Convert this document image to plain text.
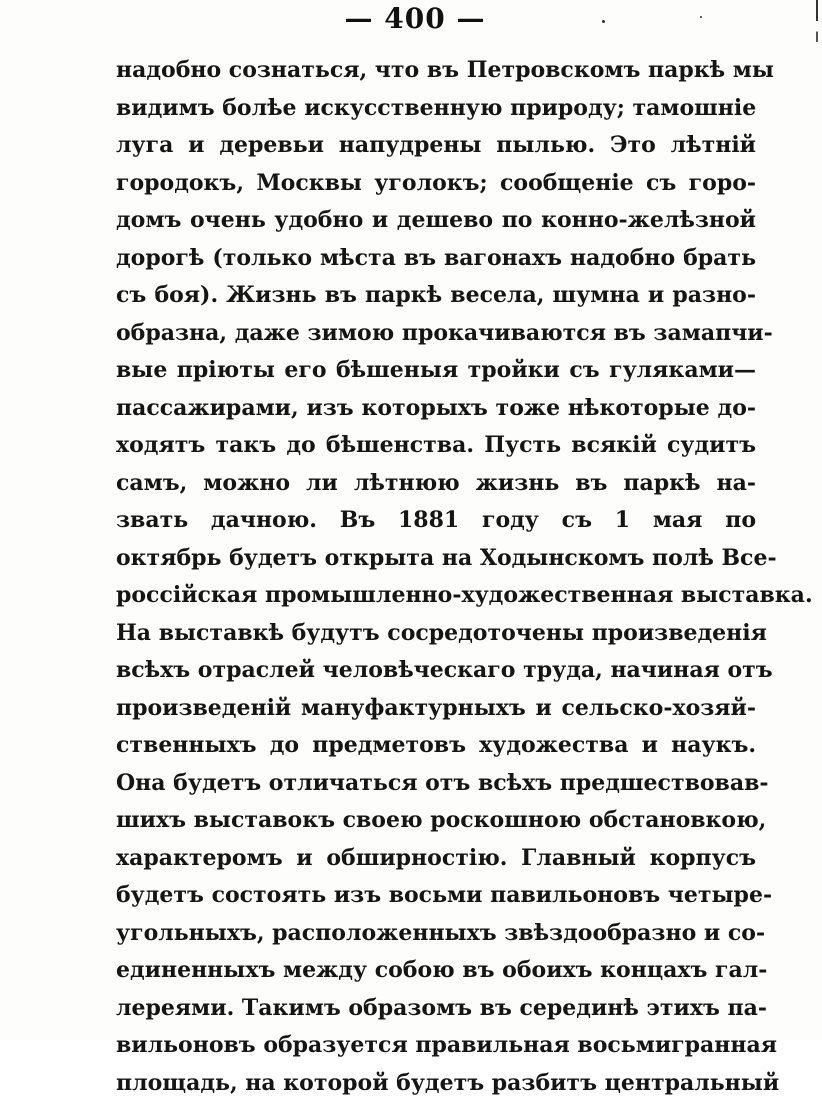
— 400 —
надобно сознаться, что въ Петровскомъ паркѣ мы
видимъ болѣе искусственную природу; тамошніе
луга и деревьи напудрены пылью. Это лѣтній
городокъ, Москвы уголокъ; сообщеніе съ горо-
домъ очень удобно и дешево по конно-желѣзной
дорогѣ (только мѣста въ вагонахъ надобно брать
съ боя). Жизнь въ паркѣ весела, шумна и разно-
образна, даже зимою прокачиваются въ замапчи-
вые пріюты его бѣшеныя тройки съ гуляками—
пассажирами, изъ которыхъ тоже нѣкоторые до-
ходятъ такъ до бѣшенства. Пусть всякій судитъ
самъ, можно ли лѣтнюю жизнь въ паркѣ на-
звать дачною. Въ 1881 году съ 1 мая по
октябрь будетъ открыта на Ходынскомъ полѣ Все-
россійская промышленно-художественная выставка.
На выставкѣ будутъ сосредоточены произведенія
всѣхъ отраслей человѣческаго труда, начиная отъ
произведеній мануфактурныхъ и сельско-хозяй-
ственныхъ до предметовъ художества и наукъ.
Она будетъ отличаться отъ всѣхъ предшествовав-
шихъ выставокъ своею роскошною обстановкою,
характеромъ и обширностію. Главный корпусъ
будетъ состоять изъ восьми павильоновъ четыре-
угольныхъ, расположенныхъ звѣздообразно и со-
единенныхъ между собою въ обоихъ концахъ гал-
лереями. Такимъ образомъ въ серединѣ этихъ па-
вильоновъ образуется правильная восьмигранная
площадь, на которой будетъ разбитъ центральный
